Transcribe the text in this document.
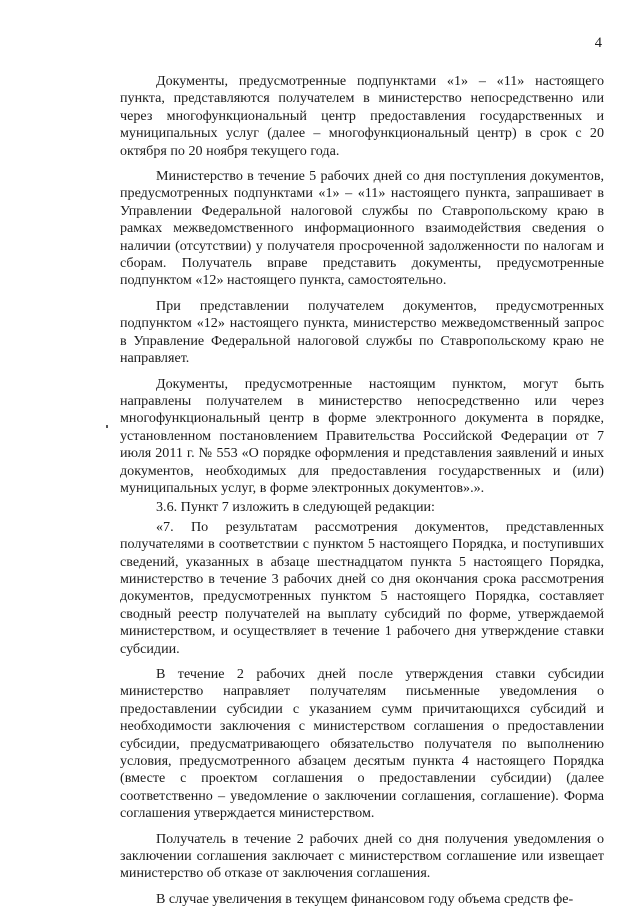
4

Документы, предусмотренные подпунктами «1» – «11» настоящего пункта, представляются получателем в министерство непосредственно или через многофункциональный центр предоставления государственных и муниципальных услуг (далее – многофункциональный центр) в срок с 20 октября по 20 ноября текущего года.

Министерство в течение 5 рабочих дней со дня поступления документов, предусмотренных подпунктами «1» – «11» настоящего пункта, запрашивает в Управлении Федеральной налоговой службы по Ставропольскому краю в рамках межведомственного информационного взаимодействия сведения о наличии (отсутствии) у получателя просроченной задолженности по налогам и сборам. Получатель вправе представить документы, предусмотренные подпунктом «12» настоящего пункта, самостоятельно.

При представлении получателем документов, предусмотренных подпунктом «12» настоящего пункта, министерство межведомственный запрос в Управление Федеральной налоговой службы по Ставропольскому краю не направляет.

Документы, предусмотренные настоящим пунктом, могут быть направлены получателем в министерство непосредственно или через многофункциональный центр в форме электронного документа в порядке, установленном постановлением Правительства Российской Федерации от 7 июля 2011 г. № 553 «О порядке оформления и представления заявлений и иных документов, необходимых для предоставления государственных и (или) муниципальных услуг, в форме электронных документов».».

3.6. Пункт 7 изложить в следующей редакции:

«7. По результатам рассмотрения документов, представленных получателями в соответствии с пунктом 5 настоящего Порядка, и поступивших сведений, указанных в абзаце шестнадцатом пункта 5 настоящего Порядка, министерство в течение 3 рабочих дней со дня окончания срока рассмотрения документов, предусмотренных пунктом 5 настоящего Порядка, составляет сводный реестр получателей на выплату субсидий по форме, утверждаемой министерством, и осуществляет в течение 1 рабочего дня утверждение ставки субсидии.

В течение 2 рабочих дней после утверждения ставки субсидии министерство направляет получателям письменные уведомления о предоставлении субсидии с указанием сумм причитающихся субсидий и необходимости заключения с министерством соглашения о предоставлении субсидии, предусматривающего обязательство получателя по выполнению условия, предусмотренного абзацем десятым пункта 4 настоящего Порядка (вместе с проектом соглашения о предоставлении субсидии) (далее соответственно – уведомление о заключении соглашения, соглашение). Форма соглашения утверждается министерством.

Получатель в течение 2 рабочих дней со дня получения уведомления о заключении соглашения заключает с министерством соглашение или извещает министерство об отказе от заключения соглашения.

В случае увеличения в текущем финансовом году объема средств фе-
